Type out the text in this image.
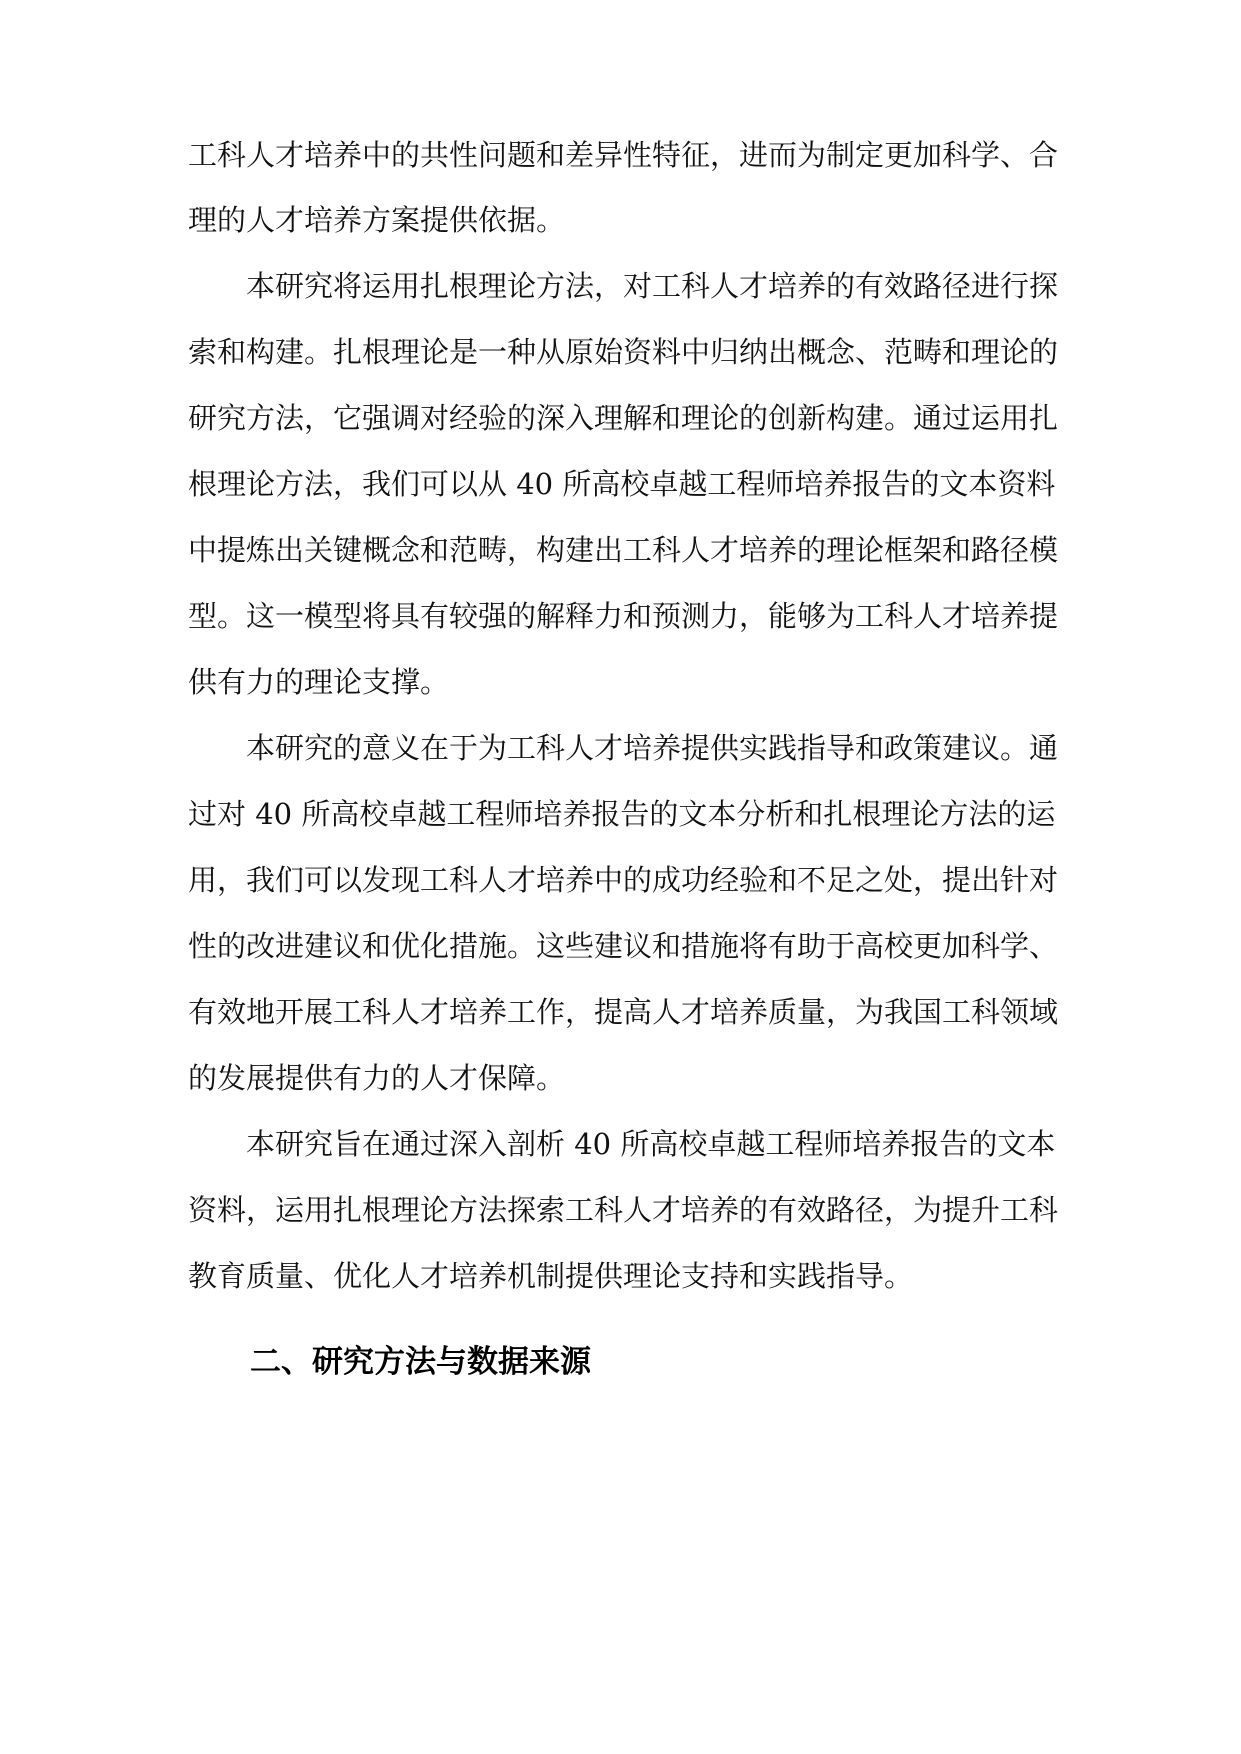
工科人才培养中的共性问题和差异性特征，进而为制定更加科学、合
理的人才培养方案提供依据。
本研究将运用扎根理论方法，对工科人才培养的有效路径进行探
索和构建。扎根理论是一种从原始资料中归纳出概念、范畴和理论的
研究方法，它强调对经验的深入理解和理论的创新构建。通过运用扎
根理论方法，我们可以从 40 所高校卓越工程师培养报告的文本资料
中提炼出关键概念和范畴，构建出工科人才培养的理论框架和路径模
型。这一模型将具有较强的解释力和预测力，能够为工科人才培养提
供有力的理论支撑。
本研究的意义在于为工科人才培养提供实践指导和政策建议。通
过对 40 所高校卓越工程师培养报告的文本分析和扎根理论方法的运
用，我们可以发现工科人才培养中的成功经验和不足之处，提出针对
性的改进建议和优化措施。这些建议和措施将有助于高校更加科学、
有效地开展工科人才培养工作，提高人才培养质量，为我国工科领域
的发展提供有力的人才保障。
本研究旨在通过深入剖析 40 所高校卓越工程师培养报告的文本
资料，运用扎根理论方法探索工科人才培养的有效路径，为提升工科
教育质量、优化人才培养机制提供理论支持和实践指导。
二、研究方法与数据来源
